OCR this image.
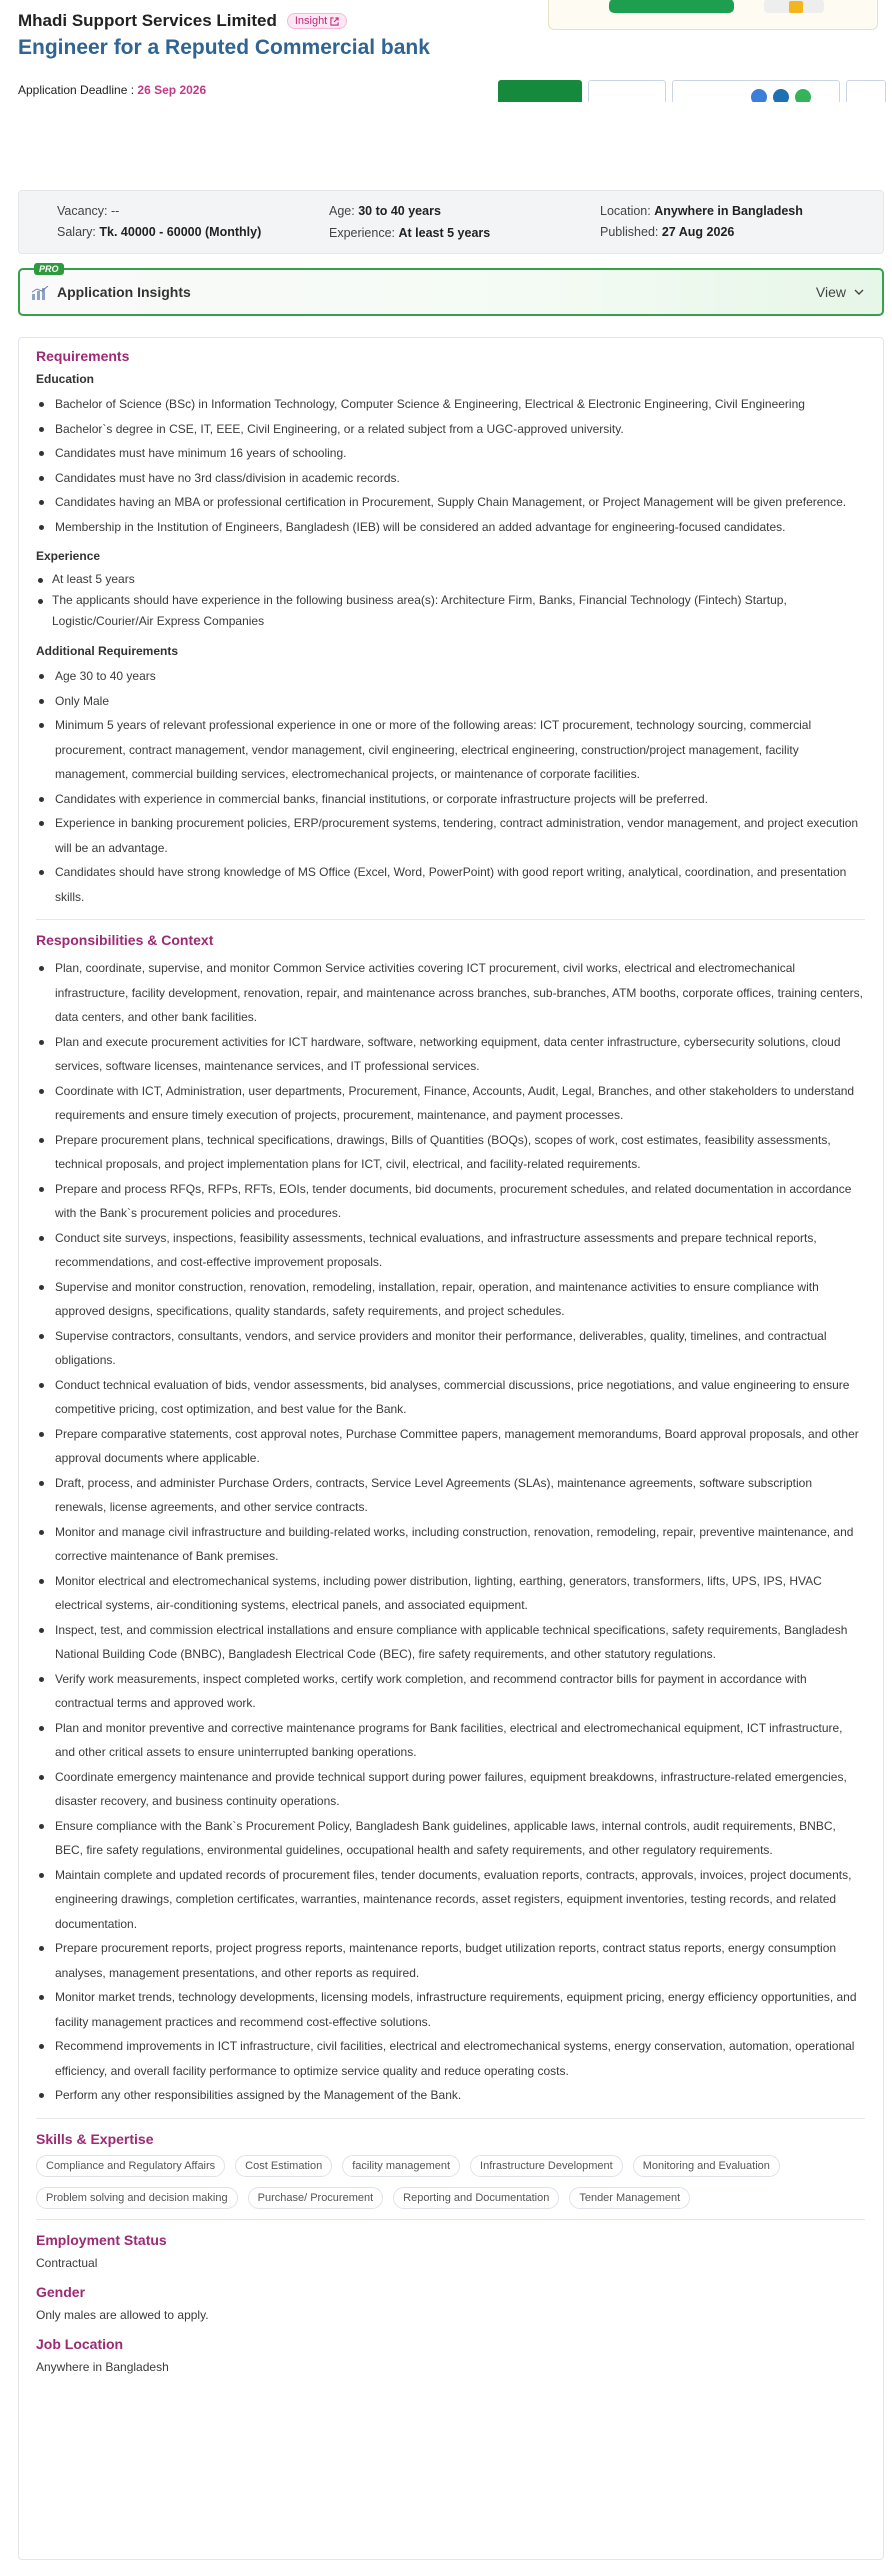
Mhadi Support Services Limited Insight
Engineer for a Reputed Commercial bank
Application Deadline : 26 Sep 2026
Vacancy: --
Salary: Tk. 40000 - 60000 (Monthly)
Age: 30 to 40 years
Experience: At least 5 years
Location: Anywhere in Bangladesh
Published: 27 Aug 2026
PRO
Application Insights	View
Requirements
Education
Bachelor of Science (BSc) in Information Technology, Computer Science & Engineering, Electrical & Electronic Engineering, Civil Engineering
Bachelor`s degree in CSE, IT, EEE, Civil Engineering, or a related subject from a UGC-approved university.
Candidates must have minimum 16 years of schooling.
Candidates must have no 3rd class/division in academic records.
Candidates having an MBA or professional certification in Procurement, Supply Chain Management, or Project Management will be given preference.
Membership in the Institution of Engineers, Bangladesh (IEB) will be considered an added advantage for engineering-focused candidates.
Experience
At least 5 years
The applicants should have experience in the following business area(s): Architecture Firm, Banks, Financial Technology (Fintech) Startup, Logistic/Courier/Air Express Companies
Additional Requirements
Age 30 to 40 years
Only Male
Minimum 5 years of relevant professional experience in one or more of the following areas: ICT procurement, technology sourcing, commercial procurement, contract management, vendor management, civil engineering, electrical engineering, construction/project management, facility management, commercial building services, electromechanical projects, or maintenance of corporate facilities.
Candidates with experience in commercial banks, financial institutions, or corporate infrastructure projects will be preferred.
Experience in banking procurement policies, ERP/procurement systems, tendering, contract administration, vendor management, and project execution will be an advantage.
Candidates should have strong knowledge of MS Office (Excel, Word, PowerPoint) with good report writing, analytical, coordination, and presentation skills.
Responsibilities & Context
Plan, coordinate, supervise, and monitor Common Service activities covering ICT procurement, civil works, electrical and electromechanical infrastructure, facility development, renovation, repair, and maintenance across branches, sub-branches, ATM booths, corporate offices, training centers, data centers, and other bank facilities.
Plan and execute procurement activities for ICT hardware, software, networking equipment, data center infrastructure, cybersecurity solutions, cloud services, software licenses, maintenance services, and IT professional services.
Coordinate with ICT, Administration, user departments, Procurement, Finance, Accounts, Audit, Legal, Branches, and other stakeholders to understand requirements and ensure timely execution of projects, procurement, maintenance, and payment processes.
Prepare procurement plans, technical specifications, drawings, Bills of Quantities (BOQs), scopes of work, cost estimates, feasibility assessments, technical proposals, and project implementation plans for ICT, civil, electrical, and facility-related requirements.
Prepare and process RFQs, RFPs, RFTs, EOIs, tender documents, bid documents, procurement schedules, and related documentation in accordance with the Bank`s procurement policies and procedures.
Conduct site surveys, inspections, feasibility assessments, technical evaluations, and infrastructure assessments and prepare technical reports, recommendations, and cost-effective improvement proposals.
Supervise and monitor construction, renovation, remodeling, installation, repair, operation, and maintenance activities to ensure compliance with approved designs, specifications, quality standards, safety requirements, and project schedules.
Supervise contractors, consultants, vendors, and service providers and monitor their performance, deliverables, quality, timelines, and contractual obligations.
Conduct technical evaluation of bids, vendor assessments, bid analyses, commercial discussions, price negotiations, and value engineering to ensure competitive pricing, cost optimization, and best value for the Bank.
Prepare comparative statements, cost approval notes, Purchase Committee papers, management memorandums, Board approval proposals, and other approval documents where applicable.
Draft, process, and administer Purchase Orders, contracts, Service Level Agreements (SLAs), maintenance agreements, software subscription renewals, license agreements, and other service contracts.
Monitor and manage civil infrastructure and building-related works, including construction, renovation, remodeling, repair, preventive maintenance, and corrective maintenance of Bank premises.
Monitor electrical and electromechanical systems, including power distribution, lighting, earthing, generators, transformers, lifts, UPS, IPS, HVAC electrical systems, air-conditioning systems, electrical panels, and associated equipment.
Inspect, test, and commission electrical installations and ensure compliance with applicable technical specifications, safety requirements, Bangladesh National Building Code (BNBC), Bangladesh Electrical Code (BEC), fire safety requirements, and other statutory regulations.
Verify work measurements, inspect completed works, certify work completion, and recommend contractor bills for payment in accordance with contractual terms and approved work.
Plan and monitor preventive and corrective maintenance programs for Bank facilities, electrical and electromechanical equipment, ICT infrastructure, and other critical assets to ensure uninterrupted banking operations.
Coordinate emergency maintenance and provide technical support during power failures, equipment breakdowns, infrastructure-related emergencies, disaster recovery, and business continuity operations.
Ensure compliance with the Bank`s Procurement Policy, Bangladesh Bank guidelines, applicable laws, internal controls, audit requirements, BNBC, BEC, fire safety regulations, environmental guidelines, occupational health and safety requirements, and other regulatory requirements.
Maintain complete and updated records of procurement files, tender documents, evaluation reports, contracts, approvals, invoices, project documents, engineering drawings, completion certificates, warranties, maintenance records, asset registers, equipment inventories, testing records, and related documentation.
Prepare procurement reports, project progress reports, maintenance reports, budget utilization reports, contract status reports, energy consumption analyses, management presentations, and other reports as required.
Monitor market trends, technology developments, licensing models, infrastructure requirements, equipment pricing, energy efficiency opportunities, and facility management practices and recommend cost-effective solutions.
Recommend improvements in ICT infrastructure, civil facilities, electrical and electromechanical systems, energy conservation, automation, operational efficiency, and overall facility performance to optimize service quality and reduce operating costs.
Perform any other responsibilities assigned by the Management of the Bank.
Skills & Expertise
Compliance and Regulatory Affairs	Cost Estimation	facility management	Infrastructure Development	Monitoring and Evaluation
Problem solving and decision making	Purchase/ Procurement	Reporting and Documentation	Tender Management
Employment Status
Contractual
Gender
Only males are allowed to apply.
Job Location
Anywhere in Bangladesh
